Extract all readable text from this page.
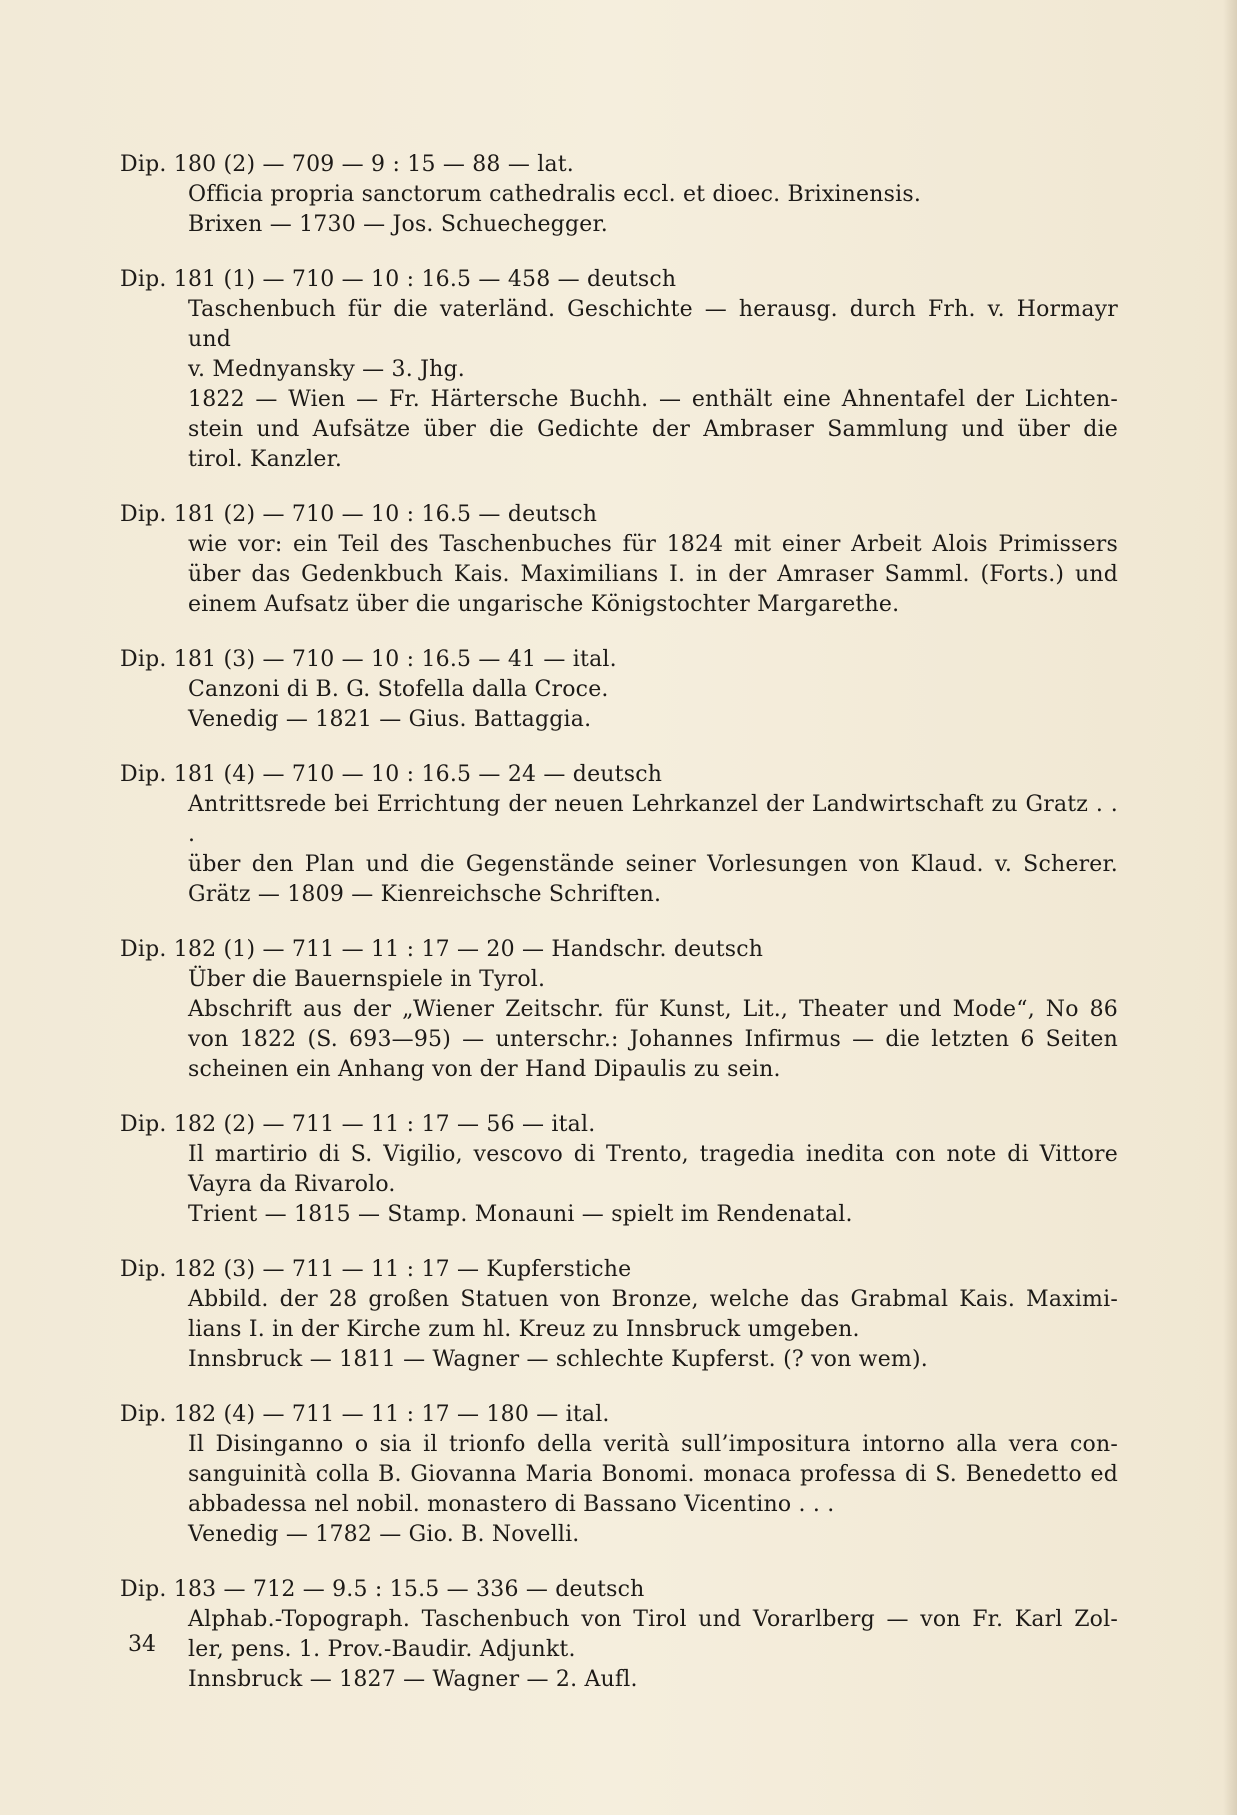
Dip. 180 (2) — 709 — 9 : 15 — 88 — lat.
Officia propria sanctorum cathedralis eccl. et dioec. Brixinensis.
Brixen — 1730 — Jos. Schuechegger.
Dip. 181 (1) — 710 — 10 : 16.5 — 458 — deutsch
Taschenbuch für die vaterländ. Geschichte — herausg. durch Frh. v. Hormayr und
v. Mednyansky — 3. Jhg.
1822 — Wien — Fr. Härtersche Buchh. — enthält eine Ahnentafel der Lichten-
stein und Aufsätze über die Gedichte der Ambraser Sammlung und über die
tirol. Kanzler.
Dip. 181 (2) — 710 — 10 : 16.5 — deutsch
wie vor: ein Teil des Taschenbuches für 1824 mit einer Arbeit Alois Primissers
über das Gedenkbuch Kais. Maximilians I. in der Amraser Samml. (Forts.) und
einem Aufsatz über die ungarische Königstochter Margarethe.
Dip. 181 (3) — 710 — 10 : 16.5 — 41 — ital.
Canzoni di B. G. Stofella dalla Croce.
Venedig — 1821 — Gius. Battaggia.
Dip. 181 (4) — 710 — 10 : 16.5 — 24 — deutsch
Antrittsrede bei Errichtung der neuen Lehrkanzel der Landwirtschaft zu Gratz . . .
über den Plan und die Gegenstände seiner Vorlesungen von Klaud. v. Scherer.
Grätz — 1809 — Kienreichsche Schriften.
Dip. 182 (1) — 711 — 11 : 17 — 20 — Handschr. deutsch
Über die Bauernspiele in Tyrol.
Abschrift aus der „Wiener Zeitschr. für Kunst, Lit., Theater und Mode“, No 86
von 1822 (S. 693—95) — unterschr.: Johannes Infirmus — die letzten 6 Seiten
scheinen ein Anhang von der Hand Dipaulis zu sein.
Dip. 182 (2) — 711 — 11 : 17 — 56 — ital.
Il martirio di S. Vigilio, vescovo di Trento, tragedia inedita con note di Vittore
Vayra da Rivarolo.
Trient — 1815 — Stamp. Monauni — spielt im Rendenatal.
Dip. 182 (3) — 711 — 11 : 17 — Kupferstiche
Abbild. der 28 großen Statuen von Bronze, welche das Grabmal Kais. Maximi-
lians I. in der Kirche zum hl. Kreuz zu Innsbruck umgeben.
Innsbruck — 1811 — Wagner — schlechte Kupferst. (? von wem).
Dip. 182 (4) — 711 — 11 : 17 — 180 — ital.
Il Disinganno o sia il trionfo della verità sull’impositura intorno alla vera con-
sanguinità colla B. Giovanna Maria Bonomi. monaca professa di S. Benedetto ed
abbadessa nel nobil. monastero di Bassano Vicentino . . .
Venedig — 1782 — Gio. B. Novelli.
Dip. 183 — 712 — 9.5 : 15.5 — 336 — deutsch
Alphab.-Topograph. Taschenbuch von Tirol und Vorarlberg — von Fr. Karl Zol-
ler, pens. 1. Prov.-Baudir. Adjunkt.
Innsbruck — 1827 — Wagner — 2. Aufl.
34
